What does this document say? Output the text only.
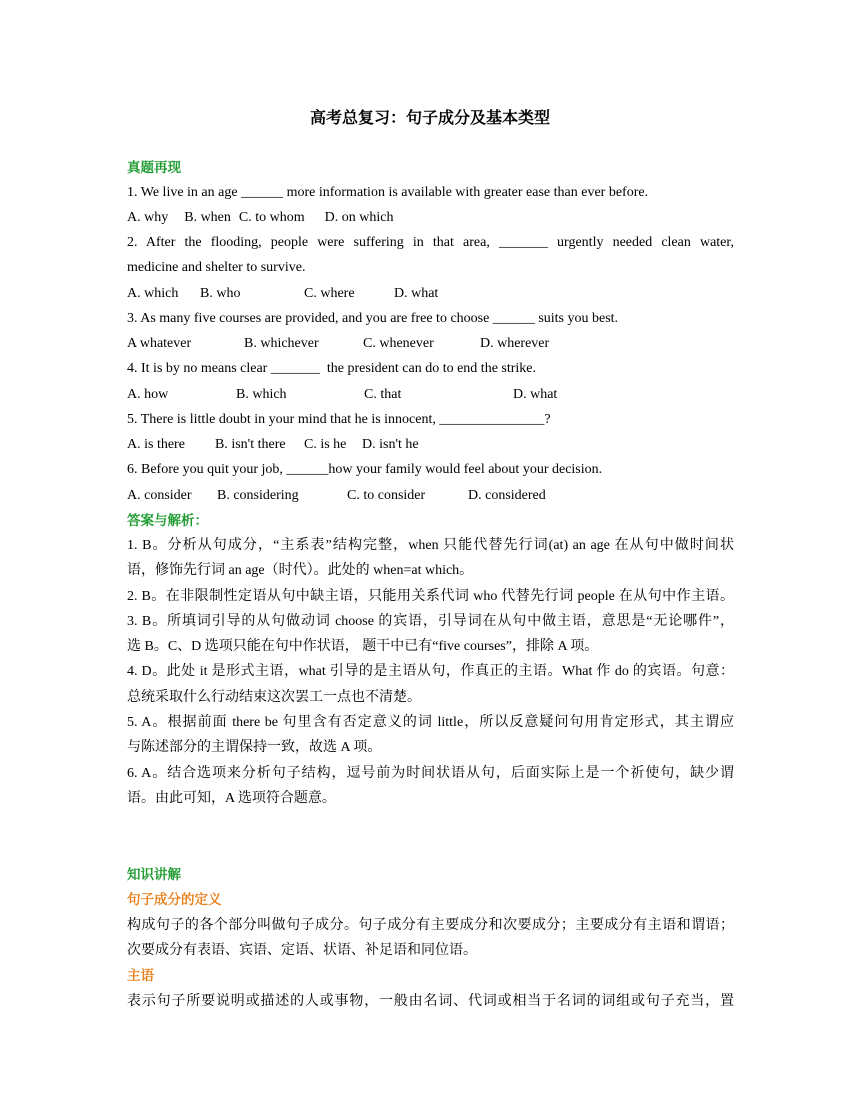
高考总复习：句子成分及基本类型
真题再现
1. We live in an age ______ more information is available with greater ease than ever before.
A. why B. when C. to whom D. on which
2. After the flooding, people were suffering in that area, _______ urgently needed clean water,
medicine and shelter to survive.
A. which B. who	C. where	D. what
3. As many five courses are provided, and you are free to choose ______ suits you best.
A whatever	B. whichever	C. whenever	D. wherever
4. It is by no means clear _______  the president can do to end the strike.
A. how	B. which	C. that	D. what
5. There is little doubt in your mind that he is innocent, _______________?
A. is there B. isn't there C. is he D. isn't he
6. Before you quit your job, ______how your family would feel about your decision.
A. consider B. considering	C. to consider	D. considered
答案与解析：
1. B。分析从句成分，“主系表”结构完整，when 只能代替先行词(at) an age 在从句中做时间状
语，修饰先行词 an age（时代）。此处的 when=at which。
2. B。在非限制性定语从句中缺主语，只能用关系代词 who 代替先行词 people 在从句中作主语。
3. B。所填词引导的从句做动词 choose 的宾语，引导词在从句中做主语，意思是“无论哪件”，
选 B。C、D 选项只能在句中作状语， 题干中已有“five courses”，排除 A 项。
4. D。此处 it 是形式主语，what 引导的是主语从句，作真正的主语。What 作 do 的宾语。句意：
总统采取什么行动结束这次罢工一点也不清楚。
5. A。根据前面 there be 句里含有否定意义的词 little，所以反意疑问句用肯定形式，其主谓应
与陈述部分的主谓保持一致，故选 A 项。
6. A。结合选项来分析句子结构，逗号前为时间状语从句，后面实际上是一个祈使句，缺少谓
语。由此可知，A 选项符合题意。
知识讲解
句子成分的定义
构成句子的各个部分叫做句子成分。句子成分有主要成分和次要成分；主要成分有主语和谓语；
次要成分有表语、宾语、定语、状语、补足语和同位语。
主语
表示句子所要说明或描述的人或事物，一般由名词、代词或相当于名词的词组或句子充当，置
